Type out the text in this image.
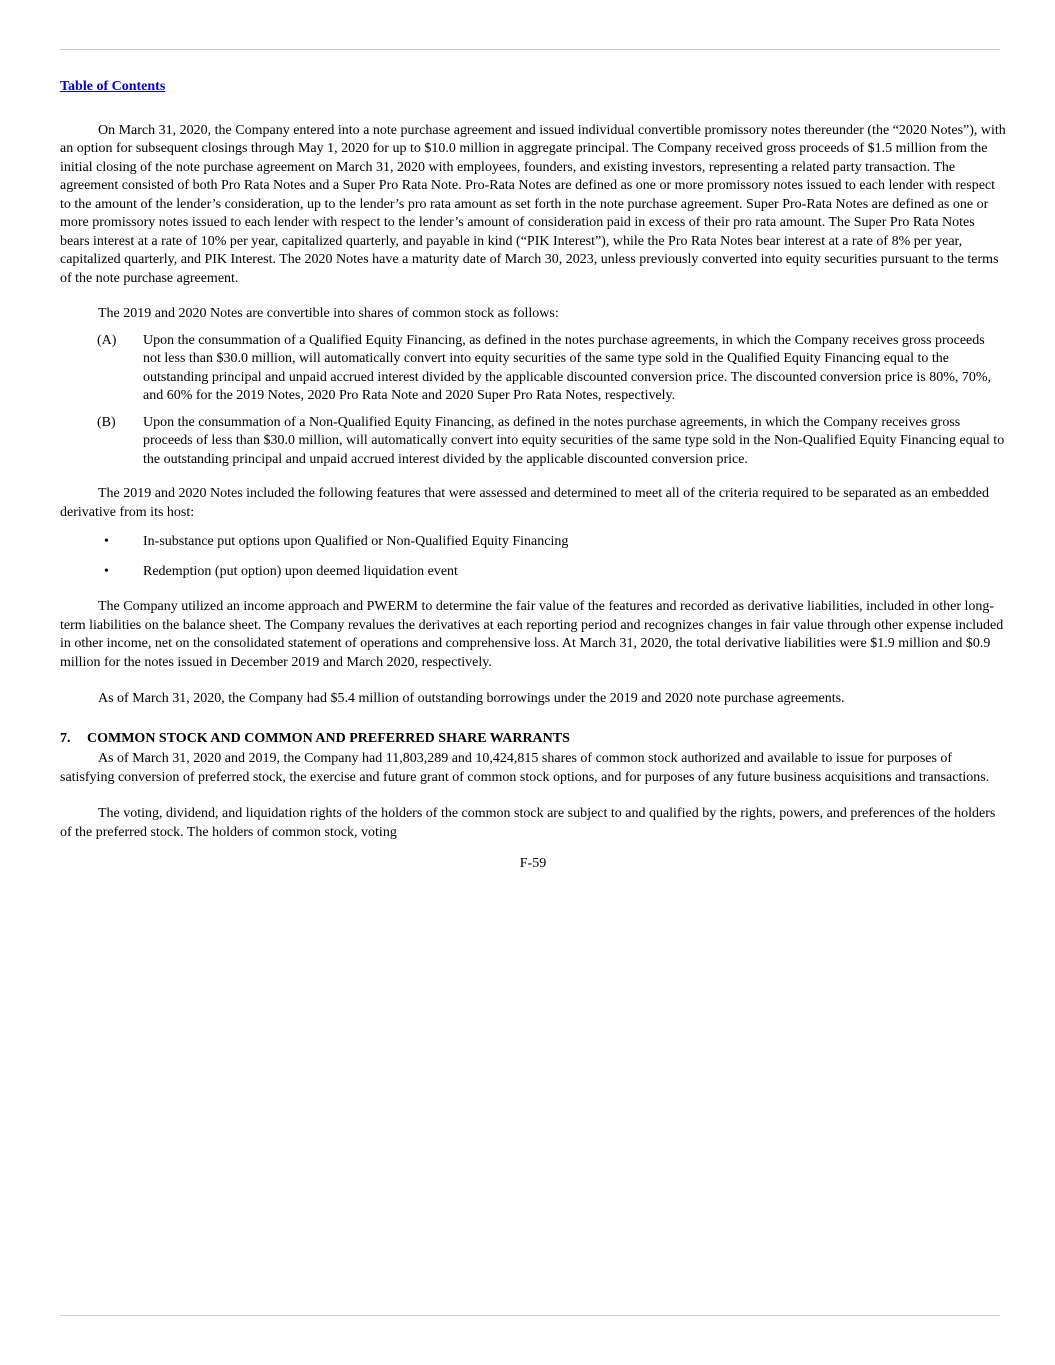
Table of Contents

On March 31, 2020, the Company entered into a note purchase agreement and issued individual convertible promissory notes thereunder (the “2020 Notes”), with an option for subsequent closings through May 1, 2020 for up to $10.0 million in aggregate principal. The Company received gross proceeds of $1.5 million from the initial closing of the note purchase agreement on March 31, 2020 with employees, founders, and existing investors, representing a related party transaction. The agreement consisted of both Pro Rata Notes and a Super Pro Rata Note. Pro-Rata Notes are defined as one or more promissory notes issued to each lender with respect to the amount of the lender’s consideration, up to the lender’s pro rata amount as set forth in the note purchase agreement. Super Pro-Rata Notes are defined as one or more promissory notes issued to each lender with respect to the lender’s amount of consideration paid in excess of their pro rata amount. The Super Pro Rata Notes bears interest at a rate of 10% per year, capitalized quarterly, and payable in kind (“PIK Interest”), while the Pro Rata Notes bear interest at a rate of 8% per year, capitalized quarterly, and PIK Interest. The 2020 Notes have a maturity date of March 30, 2023, unless previously converted into equity securities pursuant to the terms of the note purchase agreement.

The 2019 and 2020 Notes are convertible into shares of common stock as follows:

(A) Upon the consummation of a Qualified Equity Financing, as defined in the notes purchase agreements, in which the Company receives gross proceeds not less than $30.0 million, will automatically convert into equity securities of the same type sold in the Qualified Equity Financing equal to the outstanding principal and unpaid accrued interest divided by the applicable discounted conversion price. The discounted conversion price is 80%, 70%, and 60% for the 2019 Notes, 2020 Pro Rata Note and 2020 Super Pro Rata Notes, respectively.
(B) Upon the consummation of a Non-Qualified Equity Financing, as defined in the notes purchase agreements, in which the Company receives gross proceeds of less than $30.0 million, will automatically convert into equity securities of the same type sold in the Non-Qualified Equity Financing equal to the outstanding principal and unpaid accrued interest divided by the applicable discounted conversion price.

The 2019 and 2020 Notes included the following features that were assessed and determined to meet all of the criteria required to be separated as an embedded derivative from its host:

• In-substance put options upon Qualified or Non-Qualified Equity Financing
• Redemption (put option) upon deemed liquidation event

The Company utilized an income approach and PWERM to determine the fair value of the features and recorded as derivative liabilities, included in other long-term liabilities on the balance sheet. The Company revalues the derivatives at each reporting period and recognizes changes in fair value through other expense included in other income, net on the consolidated statement of operations and comprehensive loss. At March 31, 2020, the total derivative liabilities were $1.9 million and $0.9 million for the notes issued in December 2019 and March 2020, respectively.

As of March 31, 2020, the Company had $5.4 million of outstanding borrowings under the 2019 and 2020 note purchase agreements.

7. COMMON STOCK AND COMMON AND PREFERRED SHARE WARRANTS

As of March 31, 2020 and 2019, the Company had 11,803,289 and 10,424,815 shares of common stock authorized and available to issue for purposes of satisfying conversion of preferred stock, the exercise and future grant of common stock options, and for purposes of any future business acquisitions and transactions.

The voting, dividend, and liquidation rights of the holders of the common stock are subject to and qualified by the rights, powers, and preferences of the holders of the preferred stock. The holders of common stock, voting

F-59
